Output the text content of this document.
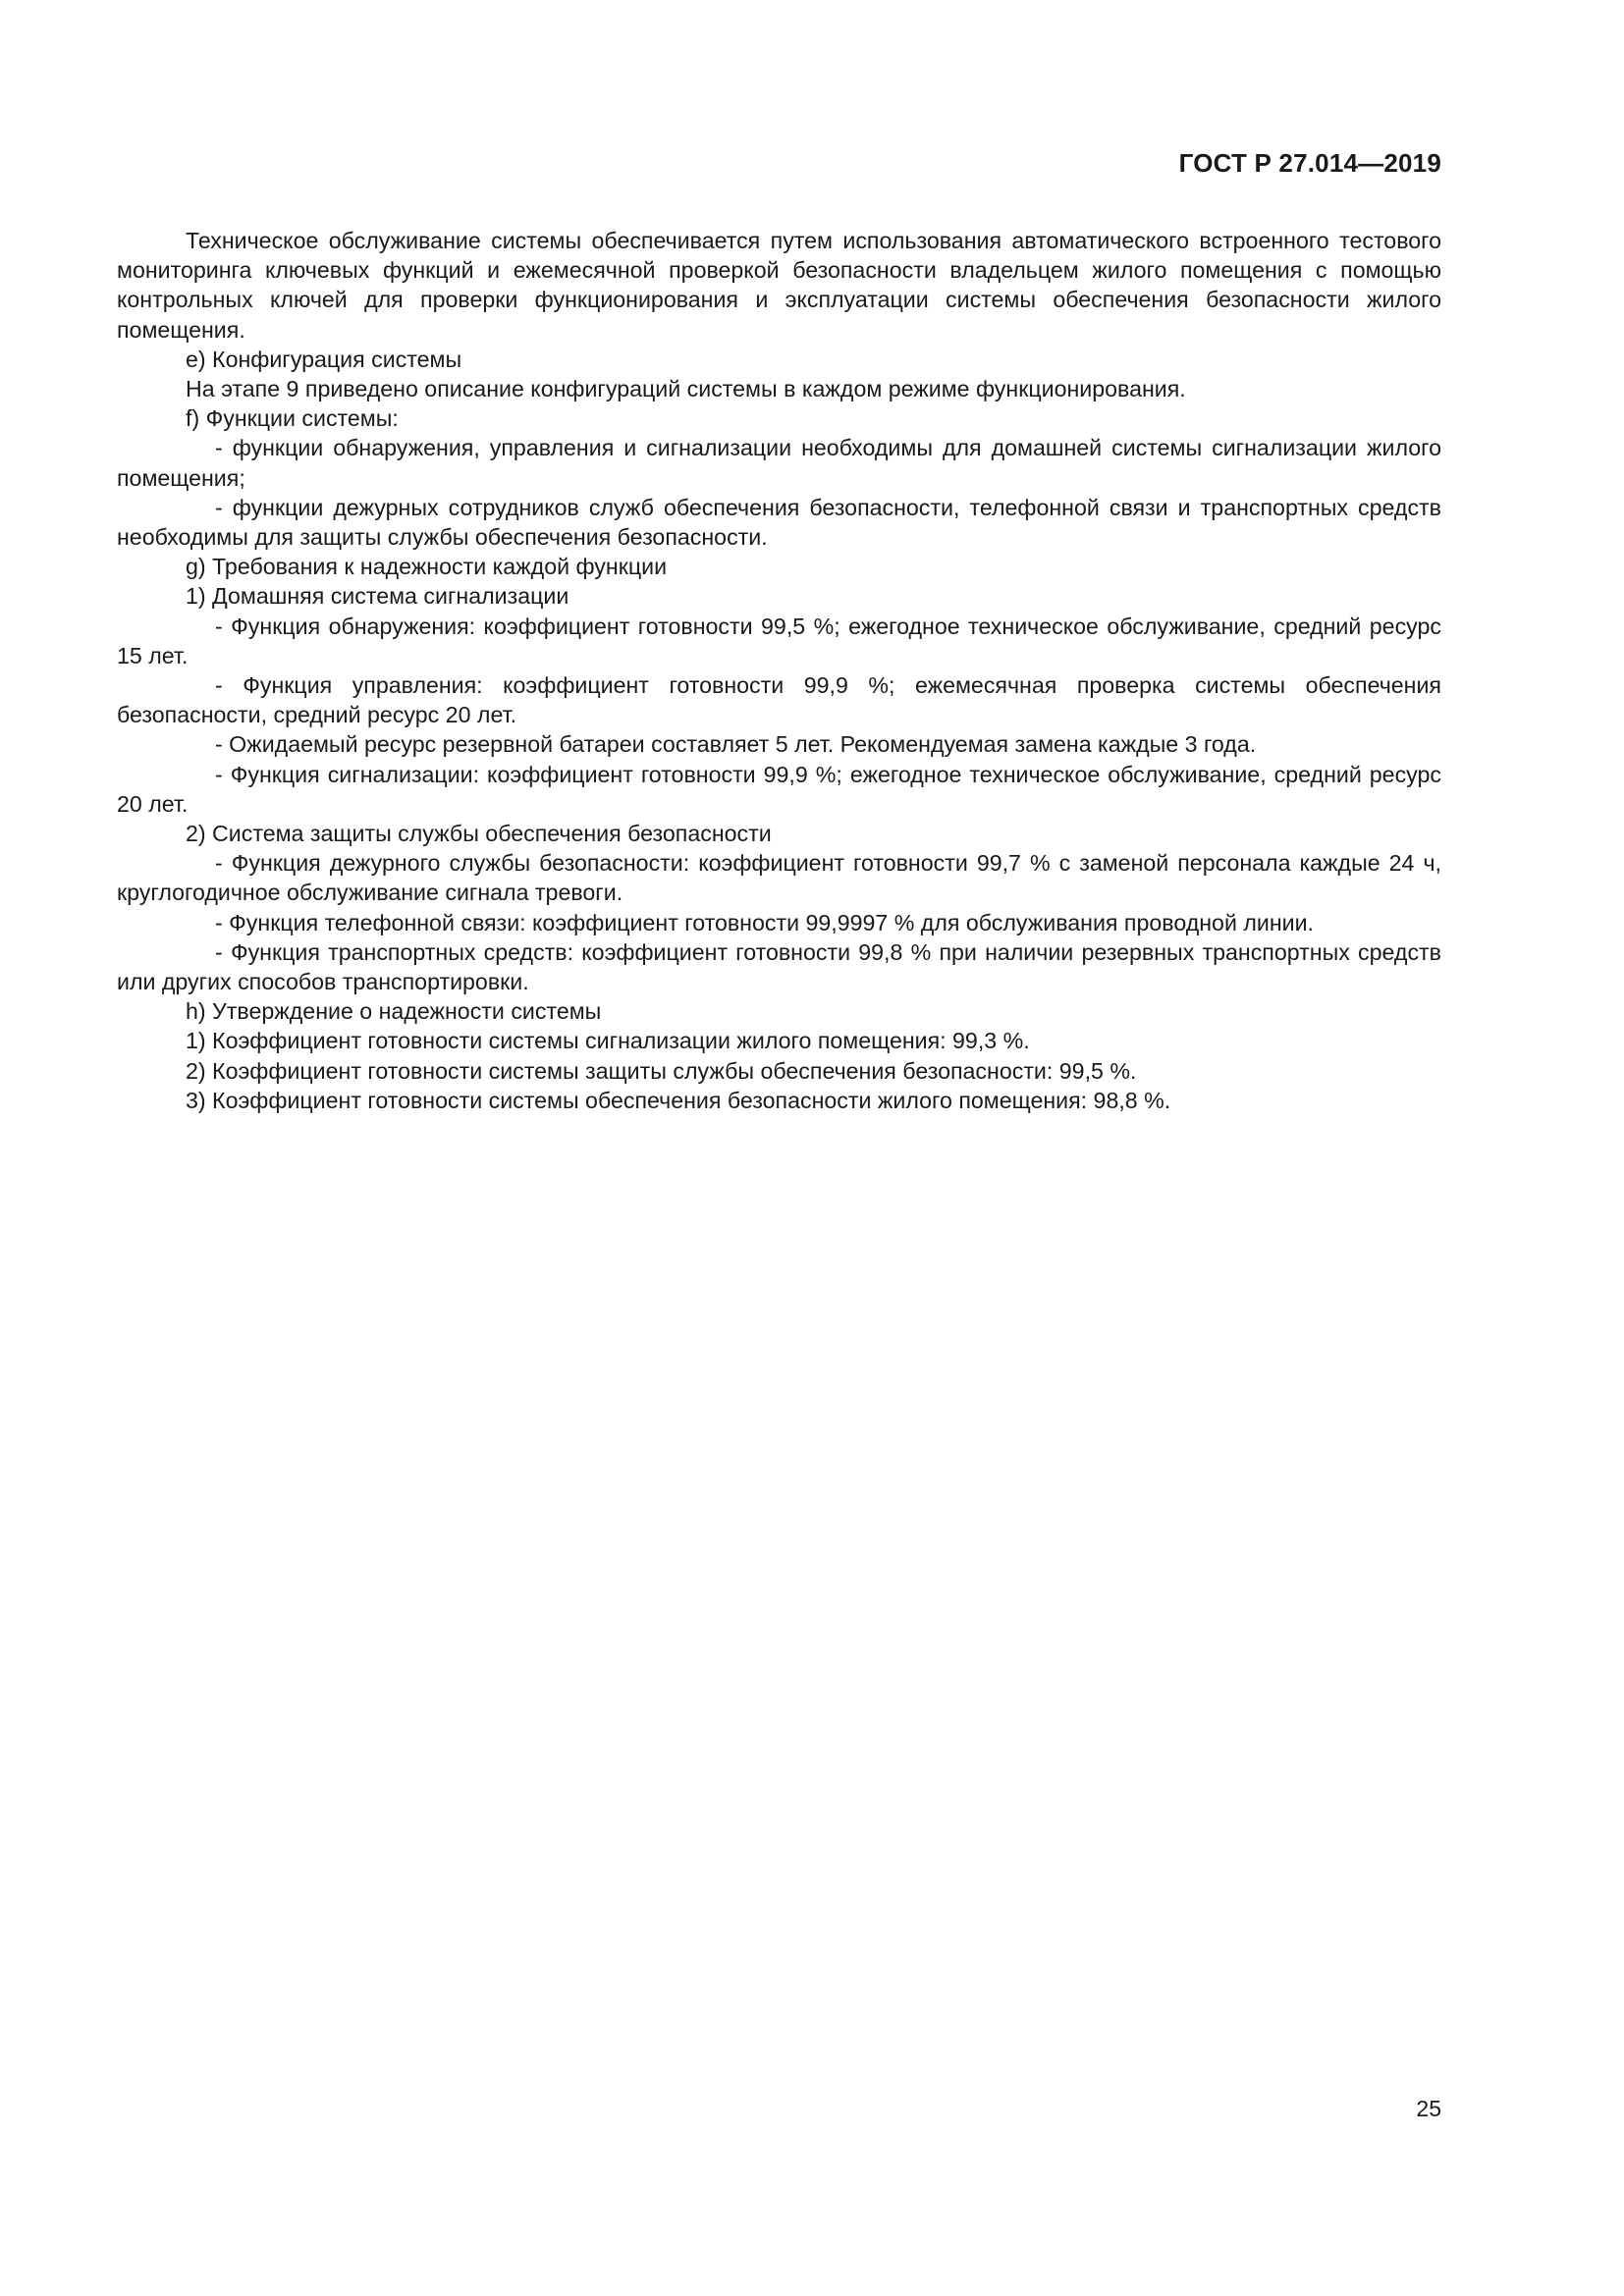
ГОСТ Р 27.014—2019

Техническое обслуживание системы обеспечивается путем использования автоматического встроенного тестового мониторинга ключевых функций и ежемесячной проверкой безопасности владельцем жилого помещения с помощью контрольных ключей для проверки функционирования и эксплуатации системы обеспечения безопасности жилого помещения.

e) Конфигурация системы

На этапе 9 приведено описание конфигураций системы в каждом режиме функционирования.

f) Функции системы:

- функции обнаружения, управления и сигнализации необходимы для домашней системы сигнализации жилого помещения;

- функции дежурных сотрудников служб обеспечения безопасности, телефонной связи и транспортных средств необходимы для защиты службы обеспечения безопасности.

g) Требования к надежности каждой функции

1) Домашняя система сигнализации

- Функция обнаружения: коэффициент готовности 99,5 %; ежегодное техническое обслуживание, средний ресурс 15 лет.

- Функция управления: коэффициент готовности 99,9 %; ежемесячная проверка системы обеспечения безопасности, средний ресурс 20 лет.

- Ожидаемый ресурс резервной батареи составляет 5 лет. Рекомендуемая замена каждые 3 года.

- Функция сигнализации: коэффициент готовности 99,9 %; ежегодное техническое обслуживание, средний ресурс 20 лет.

2) Система защиты службы обеспечения безопасности

- Функция дежурного службы безопасности: коэффициент готовности 99,7 % с заменой персонала каждые 24 ч, круглогодичное обслуживание сигнала тревоги.

- Функция телефонной связи: коэффициент готовности 99,9997 % для обслуживания проводной линии.

- Функция транспортных средств: коэффициент готовности 99,8 % при наличии резервных транспортных средств или других способов транспортировки.

h) Утверждение о надежности системы

1) Коэффициент готовности системы сигнализации жилого помещения: 99,3 %.

2) Коэффициент готовности системы защиты службы обеспечения безопасности: 99,5 %.

3) Коэффициент готовности системы обеспечения безопасности жилого помещения: 98,8 %.

25
